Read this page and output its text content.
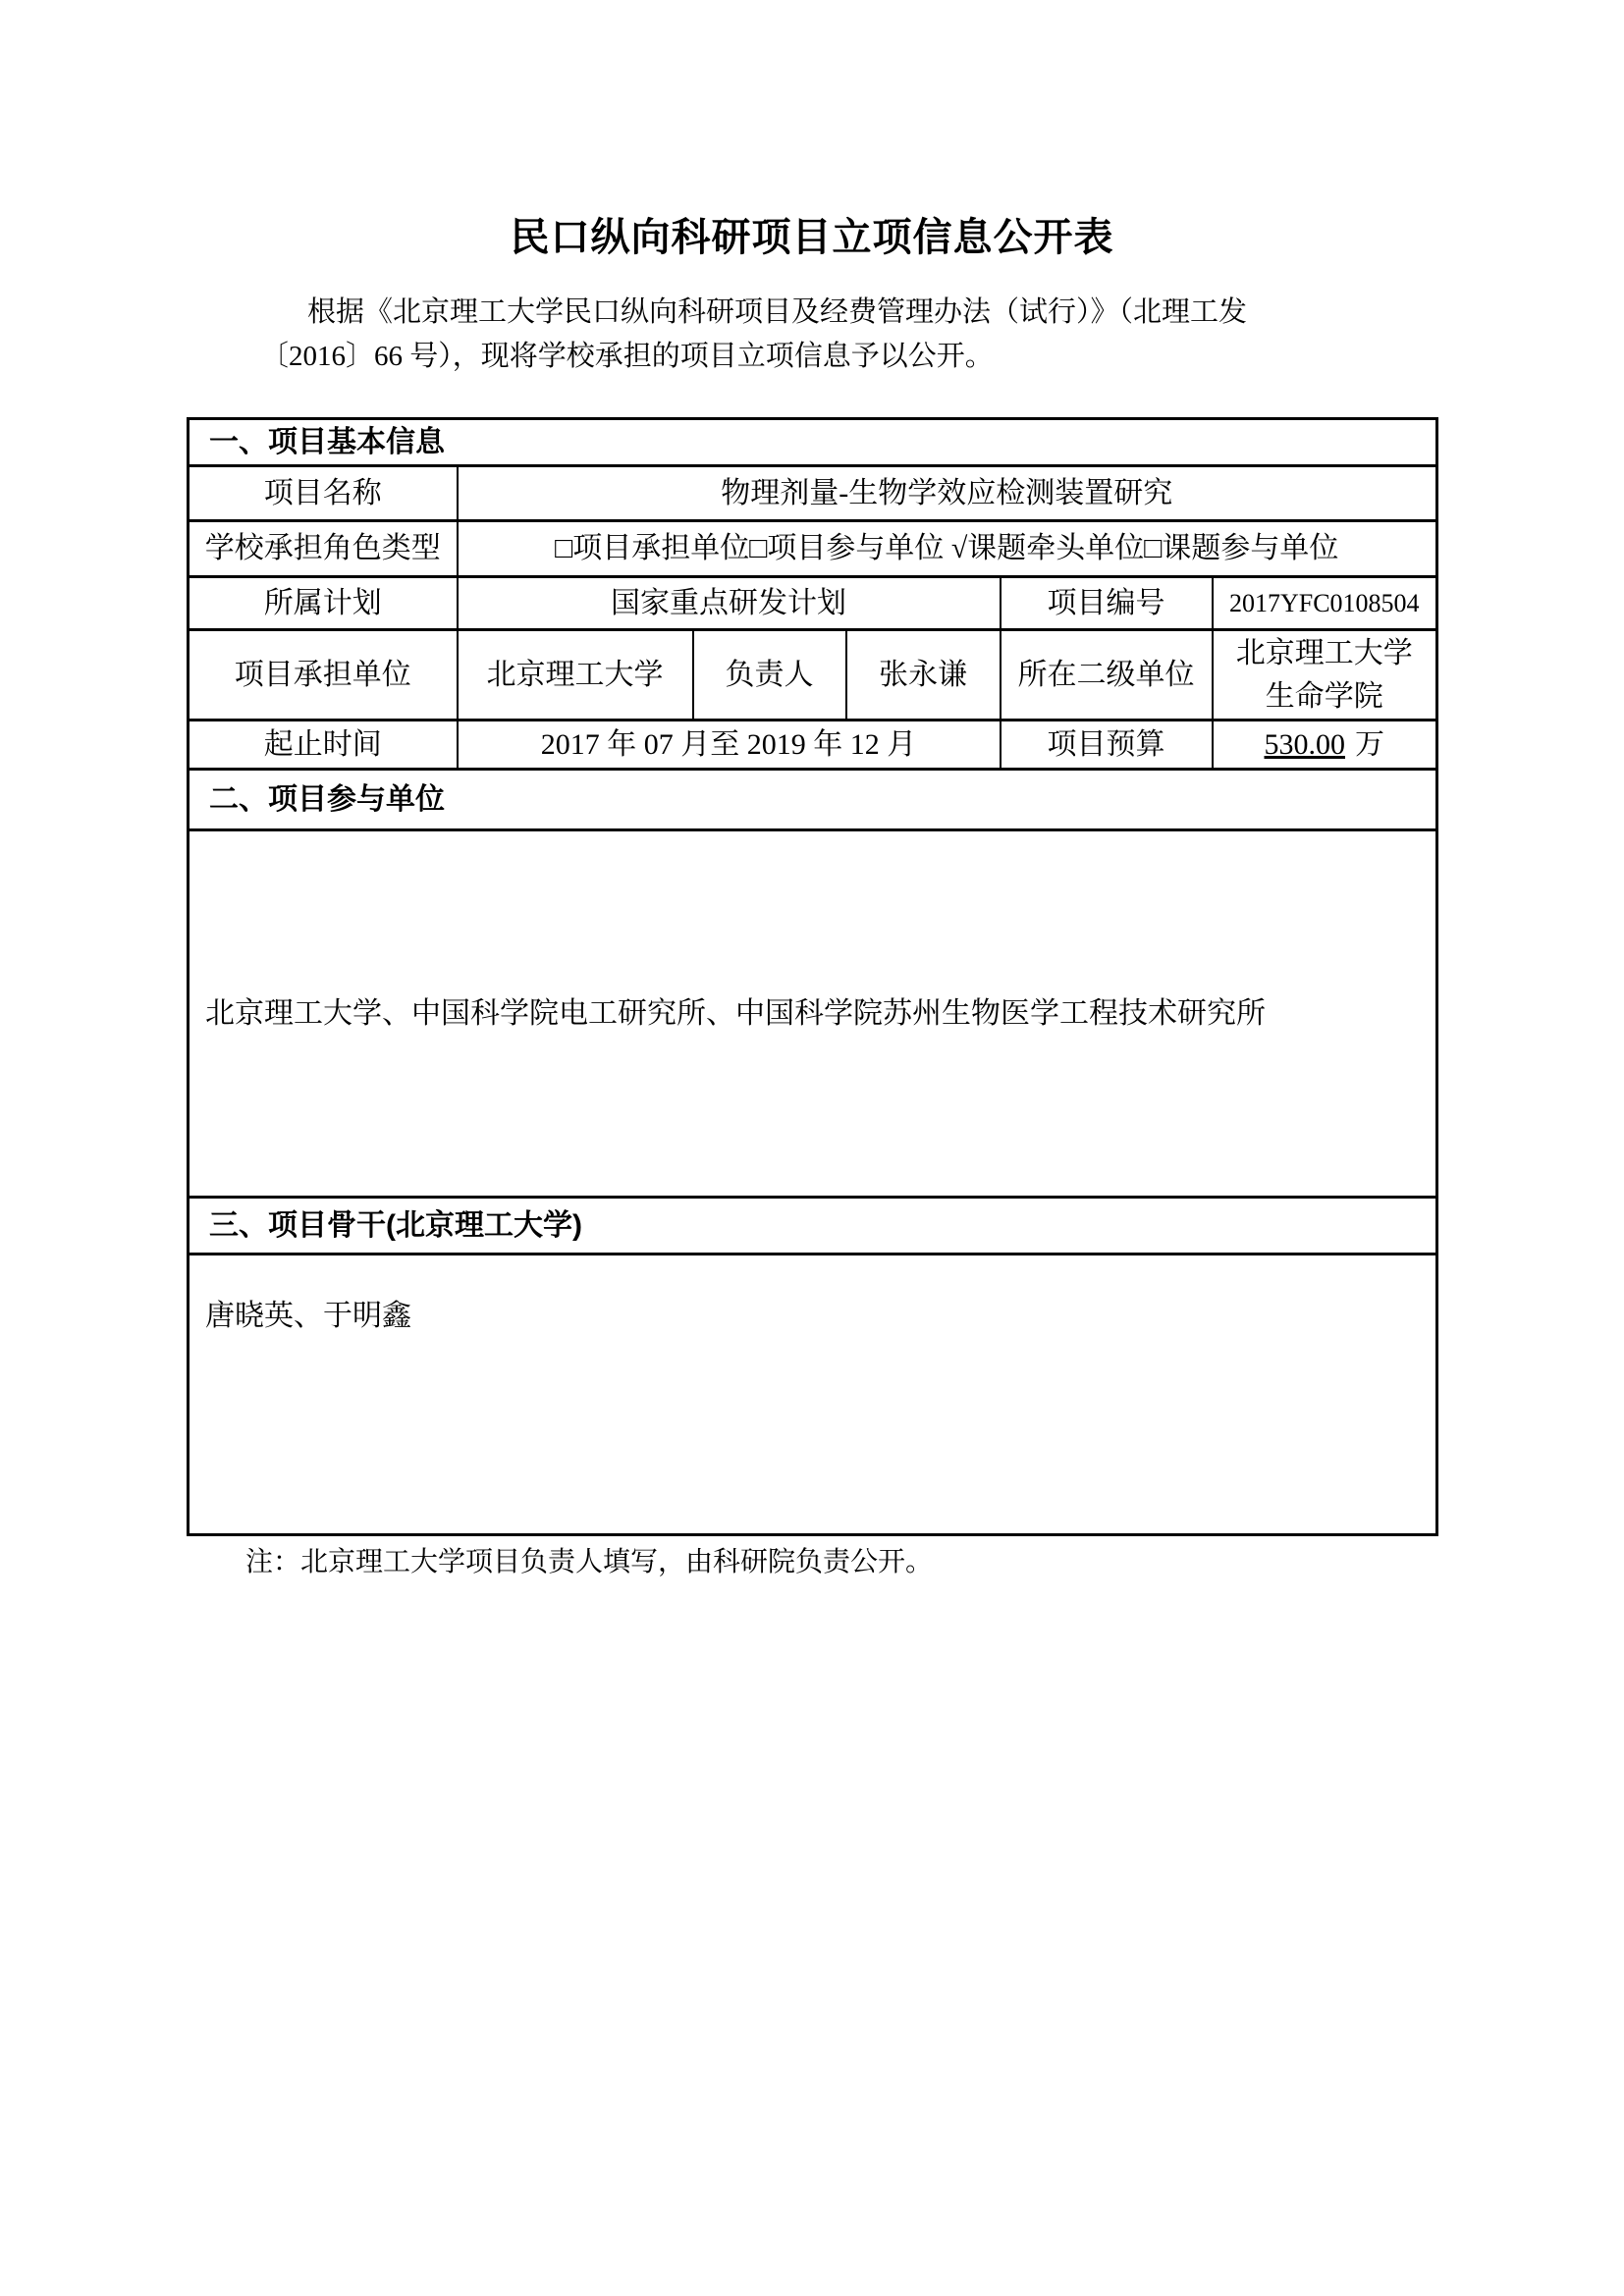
民口纵向科研项目立项信息公开表
根据《北京理工大学民口纵向科研项目及经费管理办法（试行）》（北理工发
〔2016〕66 号），现将学校承担的项目立项信息予以公开。
一、项目基本信息					
项目名称	物理剂量-生物学效应检测装置研究				
学校承担角色类型	□项目承担单位□项目参与单位 √课题牵头单位□课题参与单位				
所属计划	国家重点研发计划			项目编号	2017YFC0108504
项目承担单位	北京理工大学	负责人	张永谦	所在二级单位	北京理工大学
生命学院

起止时间	2017 年 07 月至 2019 年 12 月			项目预算	530.00 万
二、项目参与单位					
北京理工大学、中国科学院电工研究所、中国科学院苏州生物医学工程技术研究所					
三、项目骨干(北京理工大学)					
唐晓英、于明鑫					
注：北京理工大学项目负责人填写，由科研院负责公开。
